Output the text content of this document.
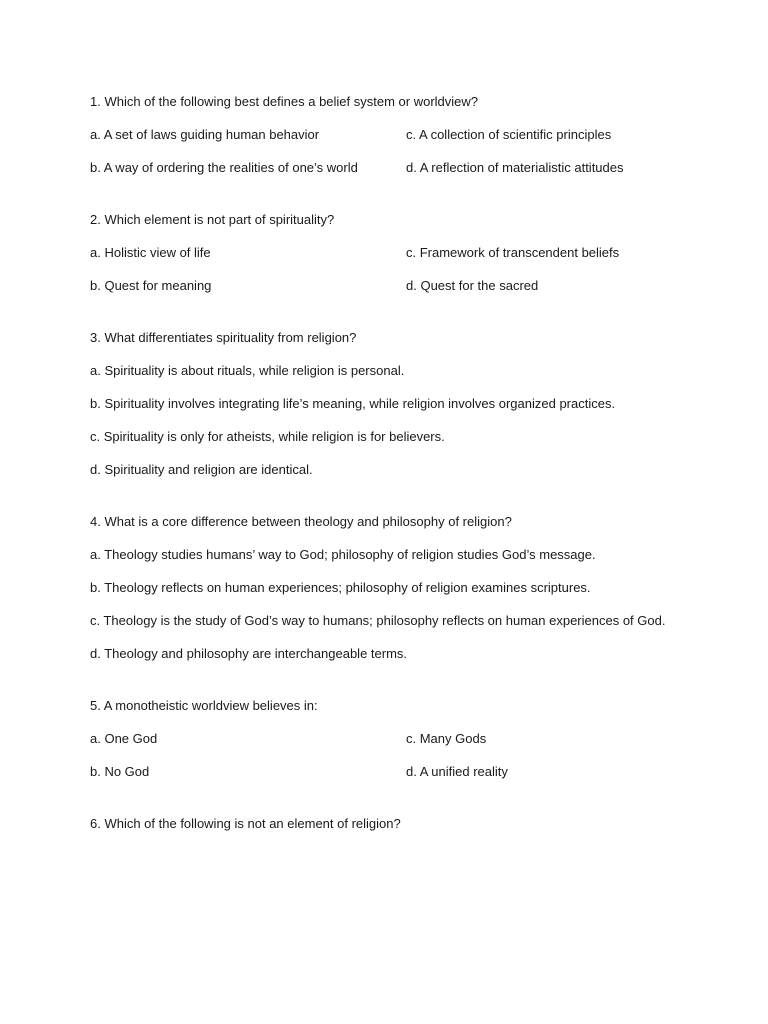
1. Which of the following best defines a belief system or worldview?
a. A set of laws guiding human behavior	c. A collection of scientific principles
b. A way of ordering the realities of one’s world	d. A reflection of materialistic attitudes
2. Which element is not part of spirituality?
a. Holistic view of life	c. Framework of transcendent beliefs
b. Quest for meaning	d. Quest for the sacred
3. What differentiates spirituality from religion?
a. Spirituality is about rituals, while religion is personal.
b. Spirituality involves integrating life’s meaning, while religion involves organized practices.
c. Spirituality is only for atheists, while religion is for believers.
d. Spirituality and religion are identical.
4. What is a core difference between theology and philosophy of religion?
a. Theology studies humans’ way to God; philosophy of religion studies God’s message.
b. Theology reflects on human experiences; philosophy of religion examines scriptures.
c. Theology is the study of God’s way to humans; philosophy reflects on human experiences of God.
d. Theology and philosophy are interchangeable terms.
5. A monotheistic worldview believes in:
a. One God	c. Many Gods
b. No God	d. A unified reality
6. Which of the following is not an element of religion?
